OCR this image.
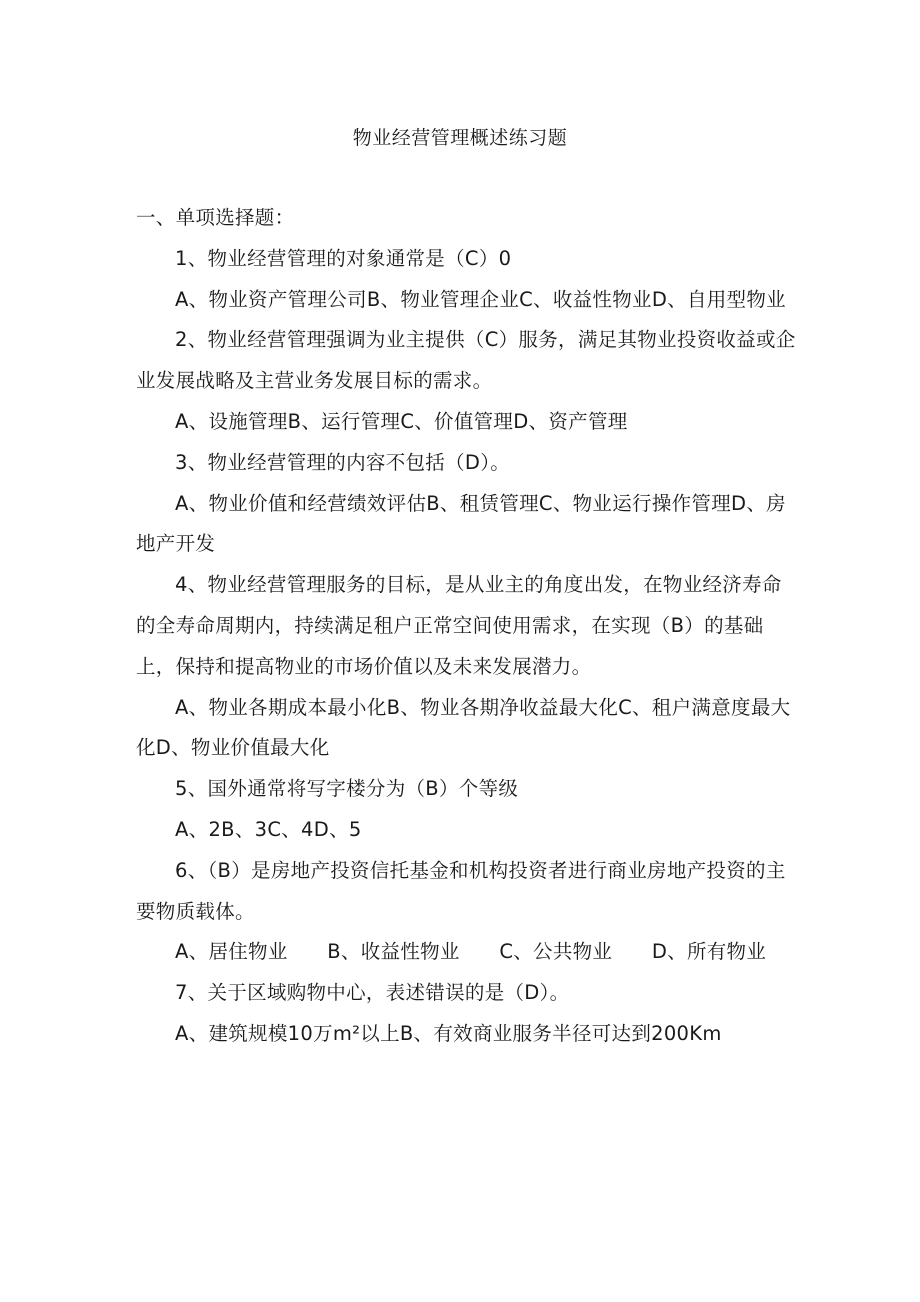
物业经营管理概述练习题

一、单项选择题：

1、物业经营管理的对象通常是（C）0

A、物业资产管理公司B、物业管理企业C、收益性物业D、自用型物业

2、物业经营管理强调为业主提供（C）服务，满足其物业投资收益或企业发展战略及主营业务发展目标的需求。

A、设施管理B、运行管理C、价值管理D、资产管理

3、物业经营管理的内容不包括（D）。

A、物业价值和经营绩效评估B、租赁管理C、物业运行操作管理D、房地产开发

4、物业经营管理服务的目标，是从业主的角度出发，在物业经济寿命的全寿命周期内，持续满足租户正常空间使用需求，在实现（B）的基础上，保持和提高物业的市场价值以及未来发展潜力。

A、物业各期成本最小化B、物业各期净收益最大化C、租户满意度最大化D、物业价值最大化

5、国外通常将写字楼分为（B）个等级

A、2B、3C、4D、5

6、（B）是房地产投资信托基金和机构投资者进行商业房地产投资的主要物质载体。

A、居住物业　　B、收益性物业　　C、公共物业　　D、所有物业

7、关于区域购物中心，表述错误的是（D）。

A、建筑规模10万m²以上B、有效商业服务半径可达到200Km
